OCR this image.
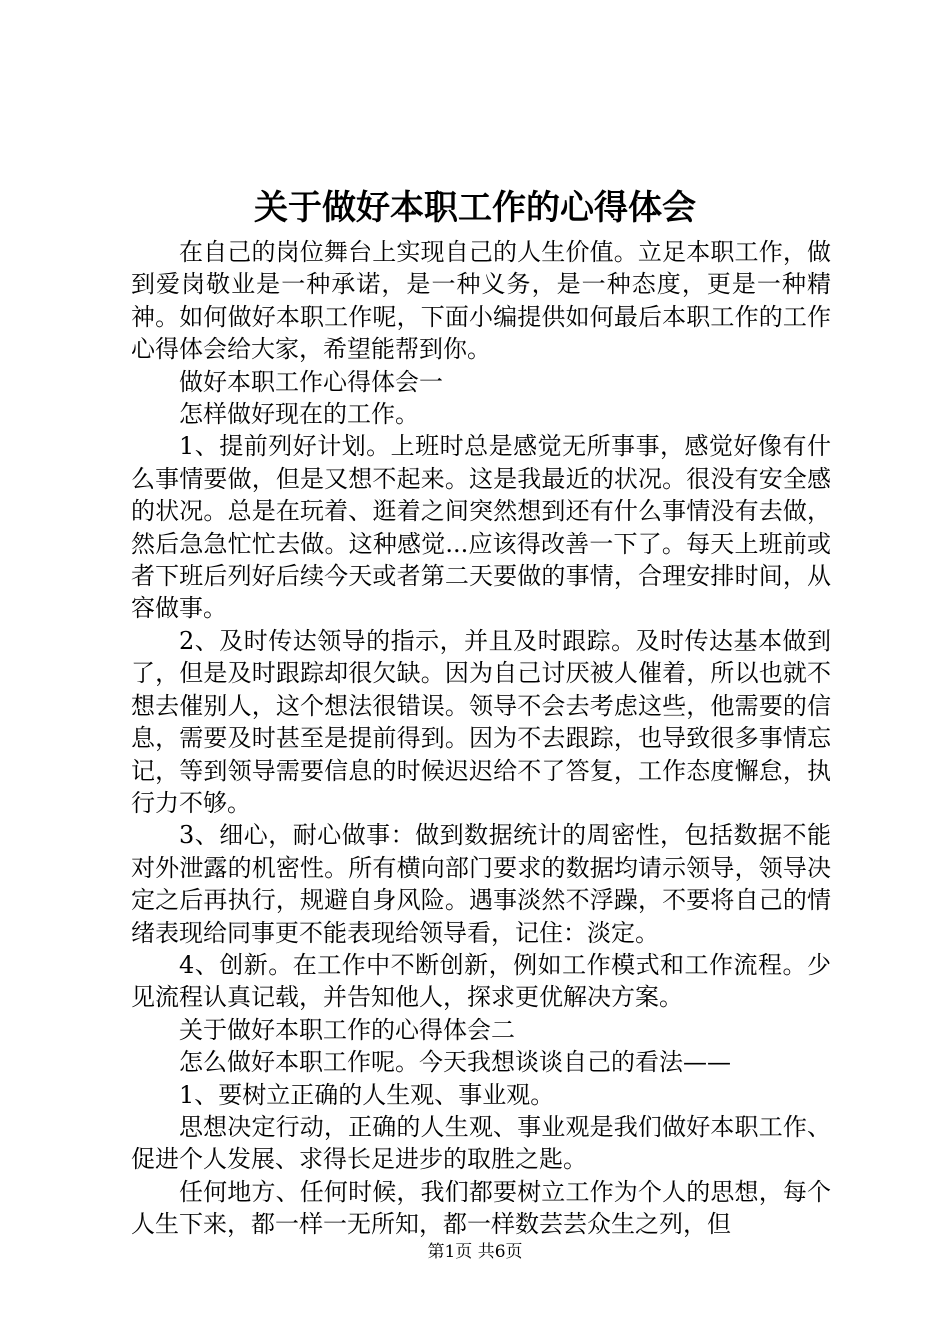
关于做好本职工作的心得体会

在自己的岗位舞台上实现自己的人生价值。立足本职工作，做到爱岗敬业是一种承诺，是一种义务，是一种态度，更是一种精神。如何做好本职工作呢，下面小编提供如何最后本职工作的工作心得体会给大家，希望能帮到你。

做好本职工作心得体会一

怎样做好现在的工作。

1、提前列好计划。上班时总是感觉无所事事，感觉好像有什么事情要做，但是又想不起来。这是我最近的状况。很没有安全感的状况。总是在玩着、逛着之间突然想到还有什么事情没有去做，然后急急忙忙去做。这种感觉...应该得改善一下了。每天上班前或者下班后列好后续今天或者第二天要做的事情，合理安排时间，从容做事。

2、及时传达领导的指示，并且及时跟踪。及时传达基本做到了，但是及时跟踪却很欠缺。因为自己讨厌被人催着，所以也就不想去催别人，这个想法很错误。领导不会去考虑这些，他需要的信息，需要及时甚至是提前得到。因为不去跟踪，也导致很多事情忘记，等到领导需要信息的时候迟迟给不了答复，工作态度懈怠，执行力不够。

3、细心，耐心做事：做到数据统计的周密性，包括数据不能对外泄露的机密性。所有横向部门要求的数据均请示领导，领导决定之后再执行，规避自身风险。遇事淡然不浮躁，不要将自己的情绪表现给同事更不能表现给领导看，记住：淡定。

4、创新。在工作中不断创新，例如工作模式和工作流程。少见流程认真记载，并告知他人，探求更优解决方案。

关于做好本职工作的心得体会二

怎么做好本职工作呢。今天我想谈谈自己的看法——

1、要树立正确的人生观、事业观。

思想决定行动，正确的人生观、事业观是我们做好本职工作、促进个人发展、求得长足进步的取胜之匙。

任何地方、任何时候，我们都要树立工作为个人的思想，每个人生下来，都一样一无所知，都一样数芸芸众生之列，但

第1页 共6页
